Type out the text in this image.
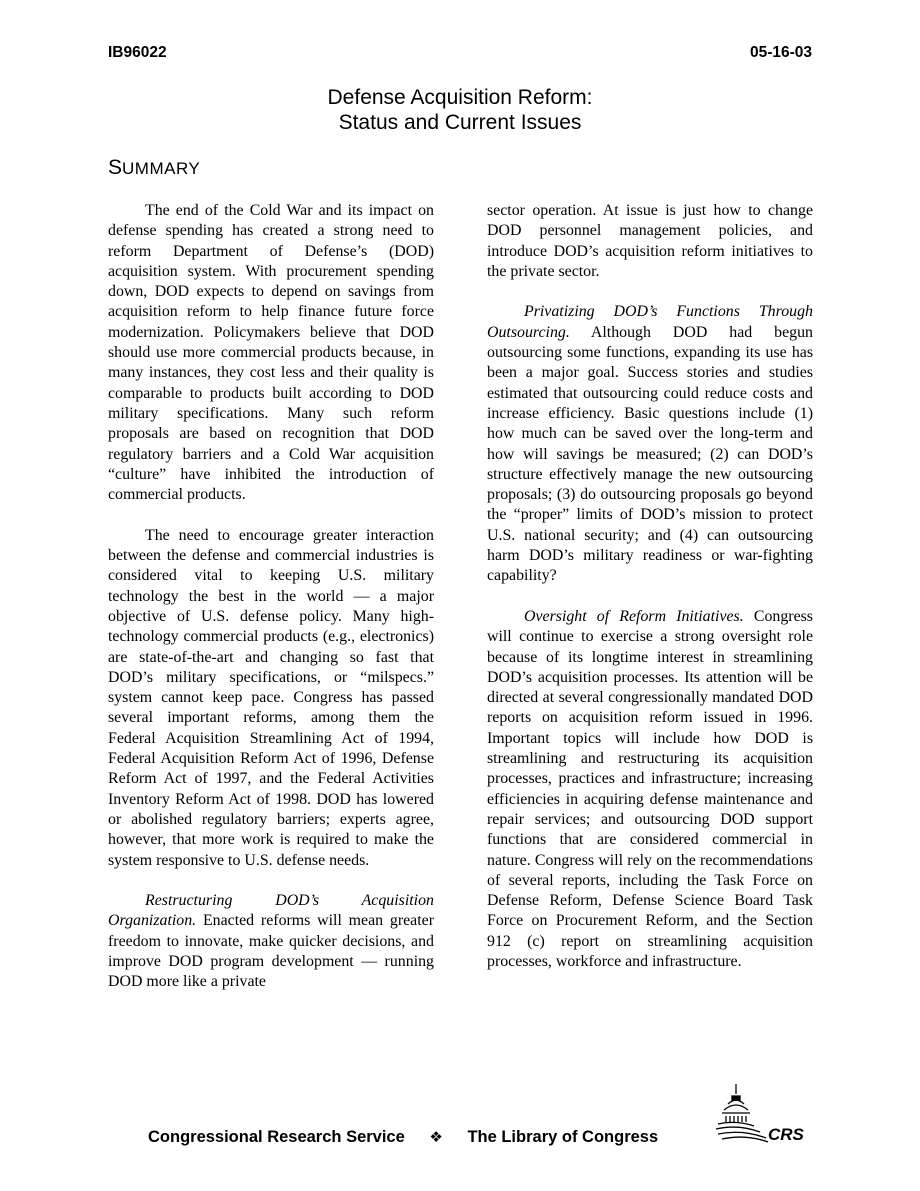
IB96022	05-16-03
Defense Acquisition Reform:
Status and Current Issues
SUMMARY

The end of the Cold War and its impact on defense spending has created a strong need to reform Department of Defense’s (DOD) acquisition system. With procurement spending down, DOD expects to depend on savings from acquisition reform to help finance future force modernization. Policymakers believe that DOD should use more commercial products because, in many instances, they cost less and their quality is comparable to products built according to DOD military specifications. Many such reform proposals are based on recognition that DOD regulatory barriers and a Cold War acquisition “culture” have inhibited the introduction of commercial products.

The need to encourage greater interaction between the defense and commercial industries is considered vital to keeping U.S. military technology the best in the world — a major objective of U.S. defense policy. Many high-technology commercial products (e.g., electronics) are state-of-the-art and changing so fast that DOD’s military specifications, or “milspecs.” system cannot keep pace. Congress has passed several important reforms, among them the Federal Acquisition Streamlining Act of 1994, Federal Acquisition Reform Act of 1996, Defense Reform Act of 1997, and the Federal Activities Inventory Reform Act of 1998. DOD has lowered or abolished regulatory barriers; experts agree, however, that more work is required to make the system responsive to U.S. defense needs.

Restructuring DOD’s Acquisition Organization. Enacted reforms will mean greater freedom to innovate, make quicker decisions, and improve DOD program development — running DOD more like a private

sector operation. At issue is just how to change DOD personnel management policies, and introduce DOD’s acquisition reform initiatives to the private sector.

Privatizing DOD’s Functions Through Outsourcing. Although DOD had begun outsourcing some functions, expanding its use has been a major goal. Success stories and studies estimated that outsourcing could reduce costs and increase efficiency. Basic questions include (1) how much can be saved over the long-term and how will savings be measured; (2) can DOD’s structure effectively manage the new outsourcing proposals; (3) do outsourcing proposals go beyond the “proper” limits of DOD’s mission to protect U.S. national security; and (4) can outsourcing harm DOD’s military readiness or war-fighting capability?

Oversight of Reform Initiatives. Congress will continue to exercise a strong oversight role because of its longtime interest in streamlining DOD’s acquisition processes. Its attention will be directed at several congressionally mandated DOD reports on acquisition reform issued in 1996. Important topics will include how DOD is streamlining and restructuring its acquisition processes, practices and infrastructure; increasing efficiencies in acquiring defense maintenance and repair services; and outsourcing DOD support functions that are considered commercial in nature. Congress will rely on the recommendations of several reports, including the Task Force on Defense Reform, Defense Science Board Task Force on Procurement Reform, and the Section 912 (c) report on streamlining acquisition processes, workforce and infrastructure.

Congressional Research Service ❖ The Library of Congress	CRS
